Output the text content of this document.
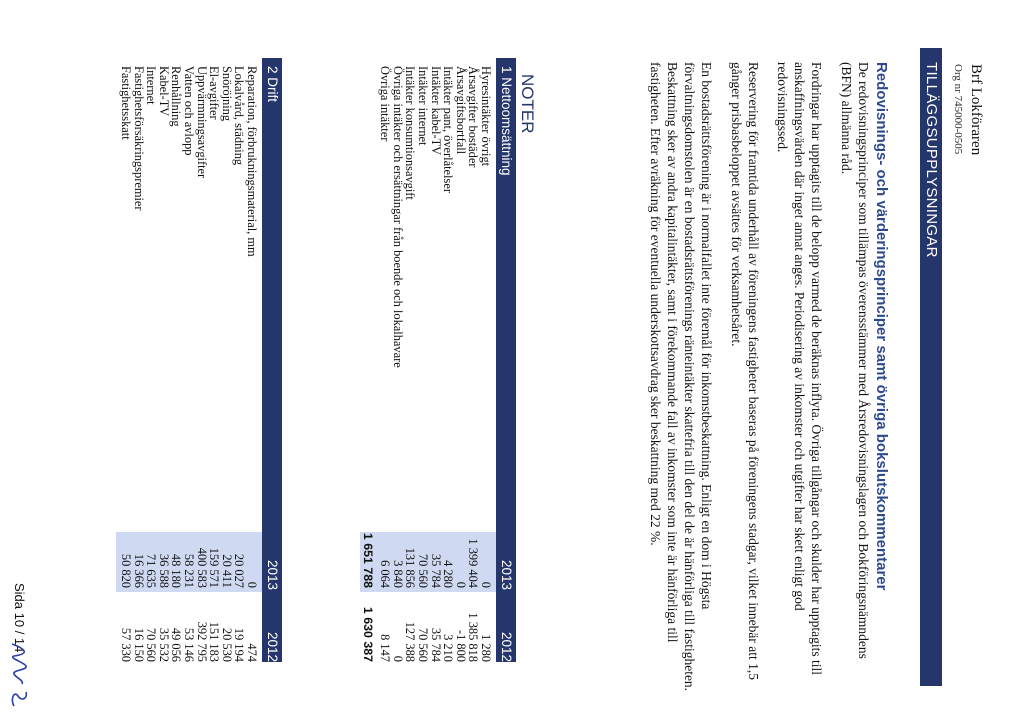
Brf Lokföraren
Org nr 745000-0505
TILLÄGGSUPPLYSNINGAR
Redovisnings- och värderingsprinciper samt övriga bokslutskommentarer

De redovisningsprinciper som tillämpas överensstämmer med Årsredovisningslagen och Bokföringsnämndens (BFN) allmänna råd.

Fordringar har upptagits till de belopp varmed de beräknas inflyta. Övriga tillgångar och skulder har upptagits till anskaffningsvärden där inget annat anges. Periodisering av inkomster och utgifter har skett enligt god redovisningssed.

Reservering för framtida underhåll av föreningens fastigheter baseras på föreningens stadgar, vilket innebär att 1,5 gånger prisbasbeloppet avsättes för verksamhetsåret.

En bostadsrättsförening är i normalfallet inte föremål för inkomstbeskattning. Enligt en dom i Högsta förvaltningsdomstolen är en bostadsrättsförenings ränteintäkter skattefria till den del de är hänförliga till fastigheten. Beskattning sker av andra kapitalintäkter, samt i förekommande fall av inkomster som inte är hänförliga till fastigheten. Efter avräkning för eventuella underskottsavdrag sker beskattning med 22 %.

NOTER
1 Nettoomsättning
2013
2012
Hyresintäkter övrigt
0
1 280
Årsavgifter bostäder
1 399 404
1 385 818
Årsavgiftsbortfall
0
-1 800
Intäkter pant, överlåtelser
4 280
3 210
Intäkter kabel-TV
35 784
35 784
Intäkter internet
70 560
70 560
Intäkter konsumtionsavgift
131 856
127 388
Övriga intäkter och ersättningar från boende och lokalhavare
3 840
0
Övriga intäkter
6 064
8 147
1 651 788
1 630 387
2 Drift
2013
2012
Reparation, förbrukningsmaterial, mm
0
474
Lokalvård, städning
20 027
19 194
Snöröjning
20 411
20 530
El-avgifter
159 571
151 183
Uppvärmningsavgifter
400 583
392 795
Vatten och avlopp
58 231
53 146
Renhållning
48 180
49 056
Kabel-TV
36 588
35 532
Internet
71 635
70 560
Fastighetsförsäkringspremier
16 366
16 150
Fastighetsskatt
50 820
57 330
Sida 10 / 14
